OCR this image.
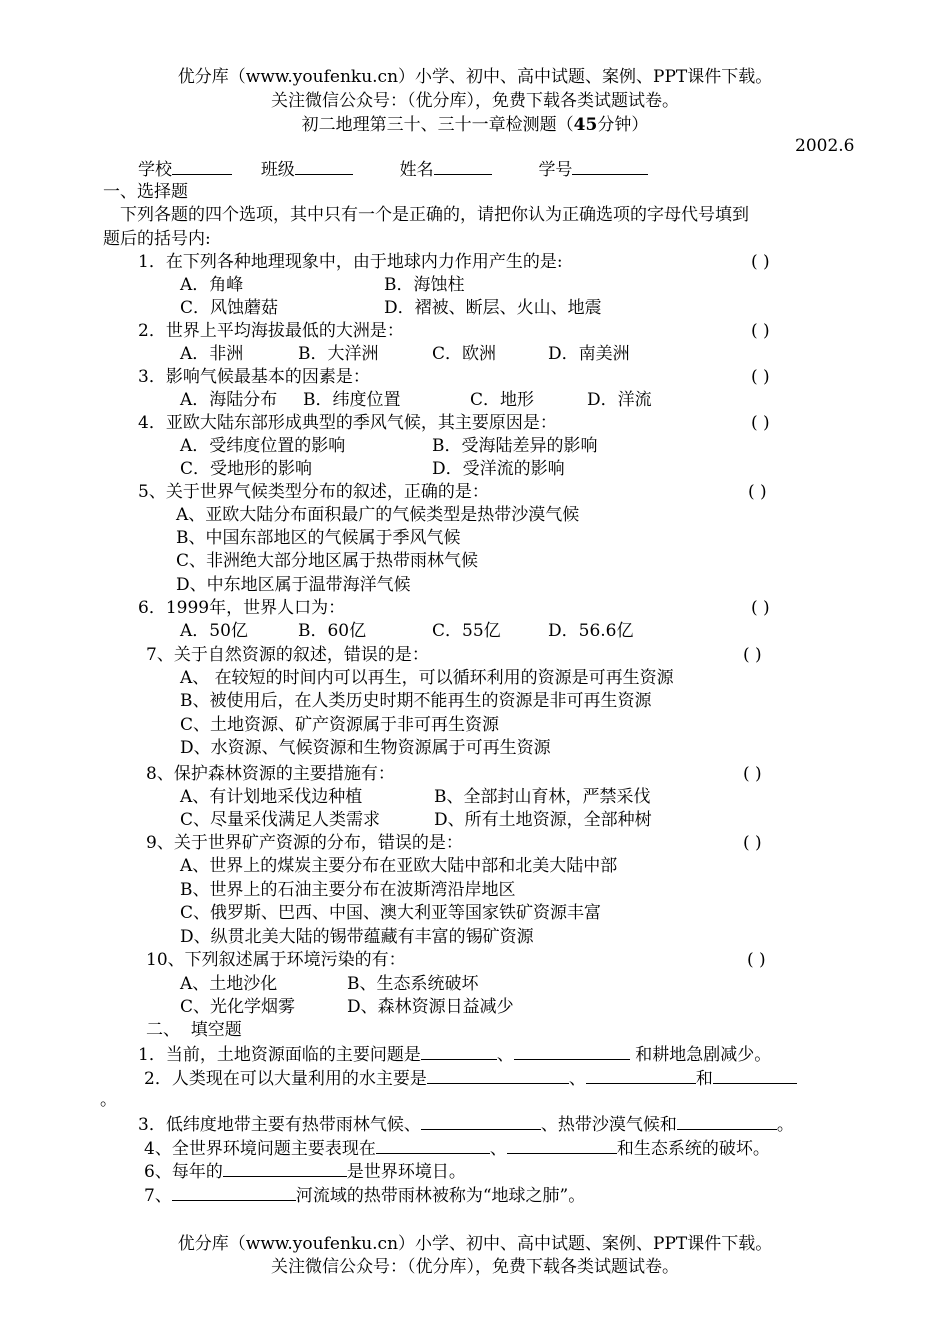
优分库（www.youfenku.cn）小学、初中、高中试题、案例、PPT课件下载。
关注微信公众号：（优分库），免费下载各类试题试卷。
初二地理第三十、三十一章检测题（45分钟）
2002.6
学校	班级	姓名	学号
一、选择题
下列各题的四个选项，其中只有一个是正确的，请把你认为正确选项的字母代号填到
题后的括号内:
1．在下列各种地理现象中，由于地球内力作用产生的是:	( )
A．角峰	B．海蚀柱
C．风蚀蘑菇	D．褶被、断层、火山、地震
2．世界上平均海拔最低的大洲是：	( )
A．非洲	B．大洋洲	C．欧洲	D．南美洲
3．影响气候最基本的因素是：	( )
A．海陆分布 B．纬度位置	C．地形	D．洋流
4．亚欧大陆东部形成典型的季风气候，其主要原因是：	( )
A．受纬度位置的影响	B．受海陆差异的影响
C．受地形的影响	D．受洋流的影响
5、关于世界气候类型分布的叙述，正确的是：	( )
A、亚欧大陆分布面积最广的气候类型是热带沙漠气候
B、中国东部地区的气候属于季风气候
C、非洲绝大部分地区属于热带雨林气候
D、中东地区属于温带海洋气候
6．1999年，世界人口为：	( )
A．50亿	B．60亿	C．55亿	D．56.6亿
7、关于自然资源的叙述，错误的是：	( )
A、 在较短的时间内可以再生，可以循环利用的资源是可再生资源
B、被使用后，在人类历史时期不能再生的资源是非可再生资源
C、土地资源、矿产资源属于非可再生资源
D、水资源、气候资源和生物资源属于可再生资源
8、保护森林资源的主要措施有：	( )
A、有计划地采伐边种植	B、全部封山育林，严禁采伐
C、尽量采伐满足人类需求	D、所有土地资源，全部种树
9、关于世界矿产资源的分布，错误的是：	( )
A、世界上的煤炭主要分布在亚欧大陆中部和北美大陆中部
B、世界上的石油主要分布在波斯湾沿岸地区
C、俄罗斯、巴西、中国、澳大利亚等国家铁矿资源丰富
D、纵贯北美大陆的锡带蕴藏有丰富的锡矿资源
10、下列叙述属于环境污染的有：	( )
A、土地沙化	B、生态系统破坏
C、光化学烟雾	D、森林资源日益减少
二、  填空题
1．当前，土地资源面临的主要问题是	、	和耕地急剧减少。
2．人类现在可以大量利用的水主要是	、	和
。
3．低纬度地带主要有热带雨林气候、	、热带沙漠气候和	。
4、全世界环境问题主要表现在	、	和生态系统的破坏。
6、每年的	是世界环境日。
7、	河流域的热带雨林被称为“地球之肺”。
优分库（www.youfenku.cn）小学、初中、高中试题、案例、PPT课件下载。
关注微信公众号：（优分库），免费下载各类试题试卷。
